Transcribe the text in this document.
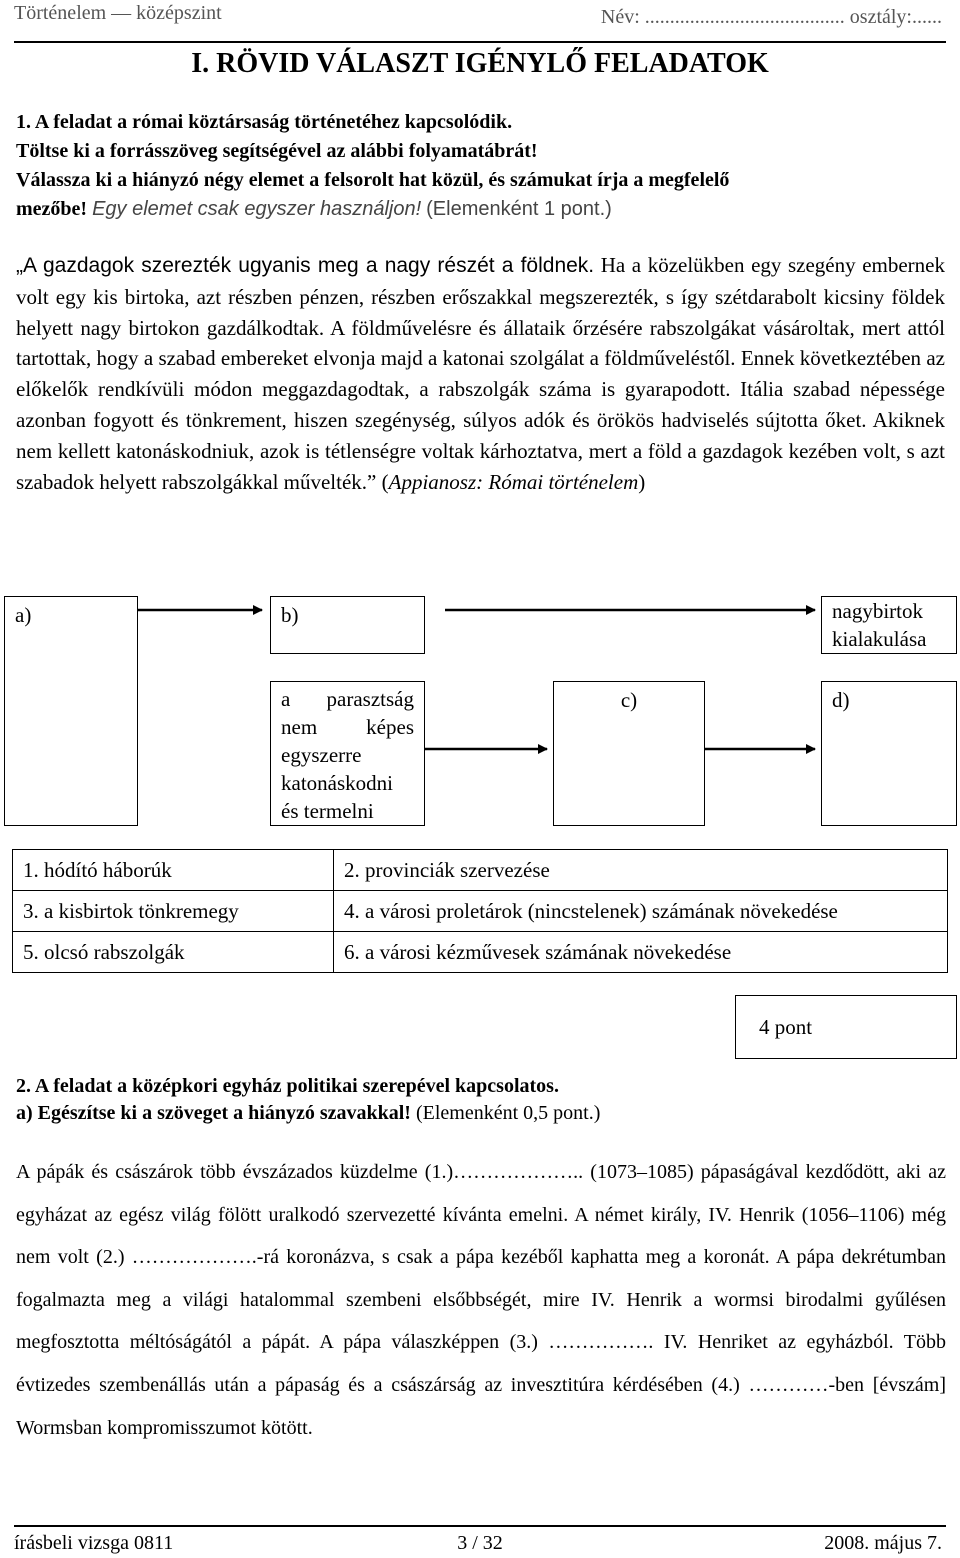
Történelem — középszint	Név: ........................................ osztály:......
I. RÖVID VÁLASZT IGÉNYLŐ FELADATOK
1. A feladat a római köztársaság történetéhez kapcsolódik.
Töltse ki a forrásszöveg segítségével az alábbi folyamatábrát!
Válassza ki a hiányzó négy elemet a felsorolt hat közül, és számukat írja a megfelelő
mezőbe! Egy elemet csak egyszer használjon! (Elemenként 1 pont.)
„A gazdagok szerezték ugyanis meg a nagy részét a földnek. Ha a közelükben egy szegény embernek volt egy kis birtoka, azt részben pénzen, részben erőszakkal megszerezték, s így szétdarabolt kicsiny földek helyett nagy birtokon gazdálkodtak. A földművelésre és állataik őrzésére rabszolgákat vásároltak, mert attól tartottak, hogy a szabad embereket elvonja majd a katonai szolgálat a földműveléstől. Ennek következtében az előkelők rendkívüli módon meggazdagodtak, a rabszolgák száma is gyarapodott. Itália szabad népessége azonban fogyott és tönkrement, hiszen szegénység, súlyos adók és örökös hadviselés sújtotta őket. Akiknek nem kellett katonáskodniuk, azok is tétlenségre voltak kárhoztatva, mert a föld a gazdagok kezében volt, s azt szabadok helyett rabszolgákkal művelték.” (Appianosz: Római történelem)
a)	b)	nagybirtok kialakulása
a parasztság
nem képes
egyszerre
katonáskodni
és termelni
c)	d)
1. hódító háborúk	2. provinciák szervezése
3. a kisbirtok tönkremegy	4. a városi proletárok (nincstelenek) számának növekedése
5. olcsó rabszolgák	6. a városi kézművesek számának növekedése
4 pont
2. A feladat a középkori egyház politikai szerepével kapcsolatos.
a) Egészítse ki a szöveget a hiányzó szavakkal! (Elemenként 0,5 pont.)
A pápák és császárok több évszázados küzdelme (1.)……………….. (1073–1085) pápaságával kezdődött, aki az egyházat az egész világ fölött uralkodó szervezetté kívánta emelni. A német király, IV. Henrik (1056–1106) még nem volt (2.) ……………….-rá koronázva, s csak a pápa kezéből kaphatta meg a koronát. A pápa dekrétumban fogalmazta meg a világi hatalommal szembeni elsőbbségét, mire IV. Henrik a wormsi birodalmi gyűlésen megfosztotta méltóságától a pápát. A pápa válaszképpen (3.) ……………. IV. Henriket az egyházból. Több évtizedes szembenállás után a pápaság és a császárság az invesztitúra kérdésében (4.) …………-ben [évszám] Wormsban kompromisszumot kötött.
írásbeli vizsga 0811	3 / 32	2008. május 7.
